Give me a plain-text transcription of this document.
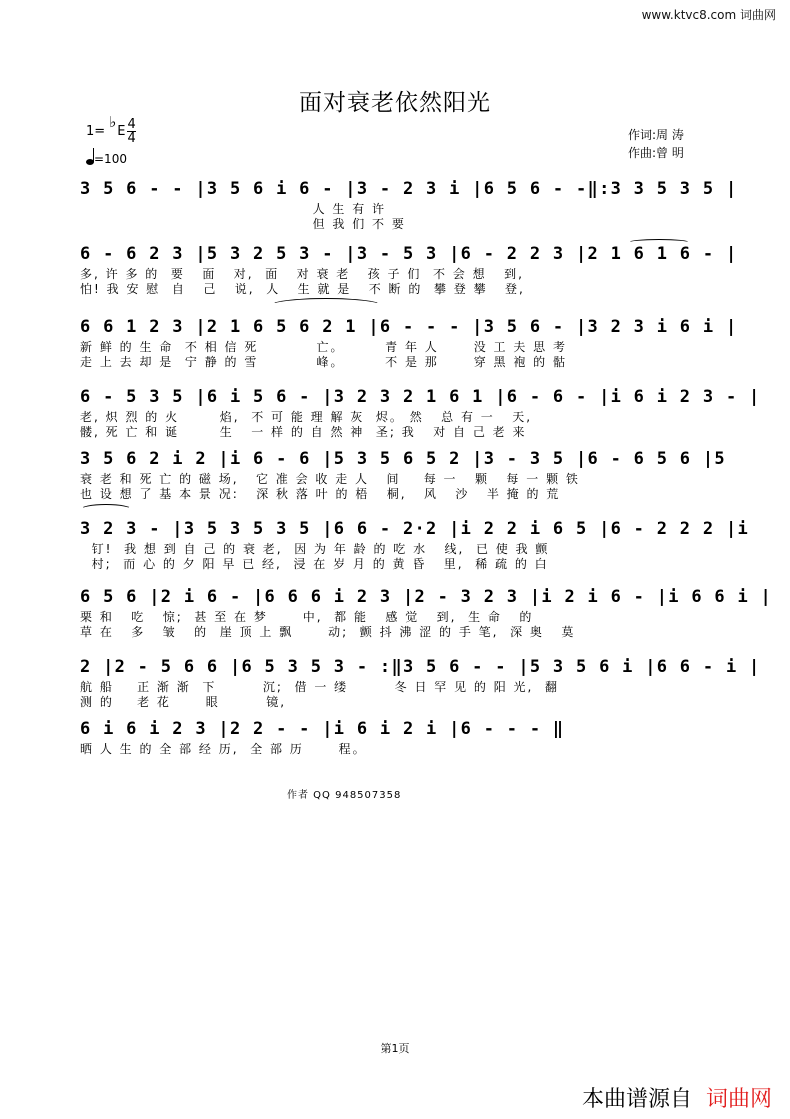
www.ktvc8.com 词曲网
面对衰老依然阳光
1=♭E $\frac{4}{4}$
=100
作词:周 涛
作曲:曾 明
3 5 6 - - |3 5 6 i 6 - |3 - 2 3 i |6 5 6 - -‖:3 3 5 3 5 |
人 生 有 许
但 我 们 不 要
6 - 6 2 3 |5 3 2 5 3 - |3 - 5 3 |6 - 2 2 3 |2 1 6 1 6 - |
多, 许 多 的  要   面   对,  面   对 衰 老   孩 子 们  不 会 想   到,
怕! 我 安 慰  自   己   说,  人   生 就 是   不 断 的  攀 登 攀   登,
6 6 1 2 3 |2 1 6 5 6 2 1 |6 - - - |3 5 6 - |3 2 3 i 6 i |
新 鲜 的 生 命  不 相 信 死          亡。       青 年 人      没 工 夫 思 考
走 上 去 却 是  宁 静 的 雪          峰。       不 是 那      穿 黑 袍 的 骷
6 - 5 3 5 |6 i 5 6 - |3 2 3 2 1 6 1 |6 - 6 - |i 6 i 2 3 - |
老, 炽 烈 的 火       焰,  不 可 能 理 解 灰  烬。 然   总 有 一   天,
髅, 死 亡 和 诞       生   一 样 的 自 然 神  圣; 我   对 自 己 老 来
3 5 6 2 i 2 |i 6 - 6 |5 3 5 6 5 2 |3 - 3 5 |6 - 6 5 6 |5
衰 老 和 死 亡 的 磁 场,   它 准 会 收 走 人   间    每 一   颗   每 一 颗 铁
也 设 想 了 基 本 景 况:   深 秋 落 叶 的 梧   桐,   风   沙   半 掩 的 荒
3 2 3 - |3 5 3 5 3 5 |6 6 - 2·2 |i 2 2 i 6 5 |6 - 2 2 2 |i
钉!  我 想 到 自 己 的 衰 老,  因 为 年 龄 的 吃 水   线,  已 使 我 颤
村;  而 心 的 夕 阳 早 已 经,  浸 在 岁 月 的 黄 昏   里,  稀 疏 的 白
6 5 6 |2 i 6 - |6 6 6 i 2 3 |2 - 3 2 3 |i 2 i 6 - |i 6 6 i |
栗 和   吃   惊;  甚 至 在 梦      中,  都 能   感 觉   到,  生 命   的
草 在   多   皱   的  崖 顶 上 飘      动;  颤 抖 沸 涩 的 手 笔,  深 奥   莫
2 |2 - 5 6 6 |6 5 3 5 3 - :‖3 5 6 - - |5 3 5 6 i |6 6 - i |
航 船    正 渐 渐  下        沉;  借 一 缕        冬 日 罕 见 的 阳 光,  翻
测 的    老 花      眼        镜,
6 i 6 i 2 3 |2 2 - - |i 6 i 2 i |6 - - - ‖
晒 人 生 的 全 部 经 历,  全 部 历      程。
作者 QQ 948507358
第1页
本曲谱源自 词曲网
